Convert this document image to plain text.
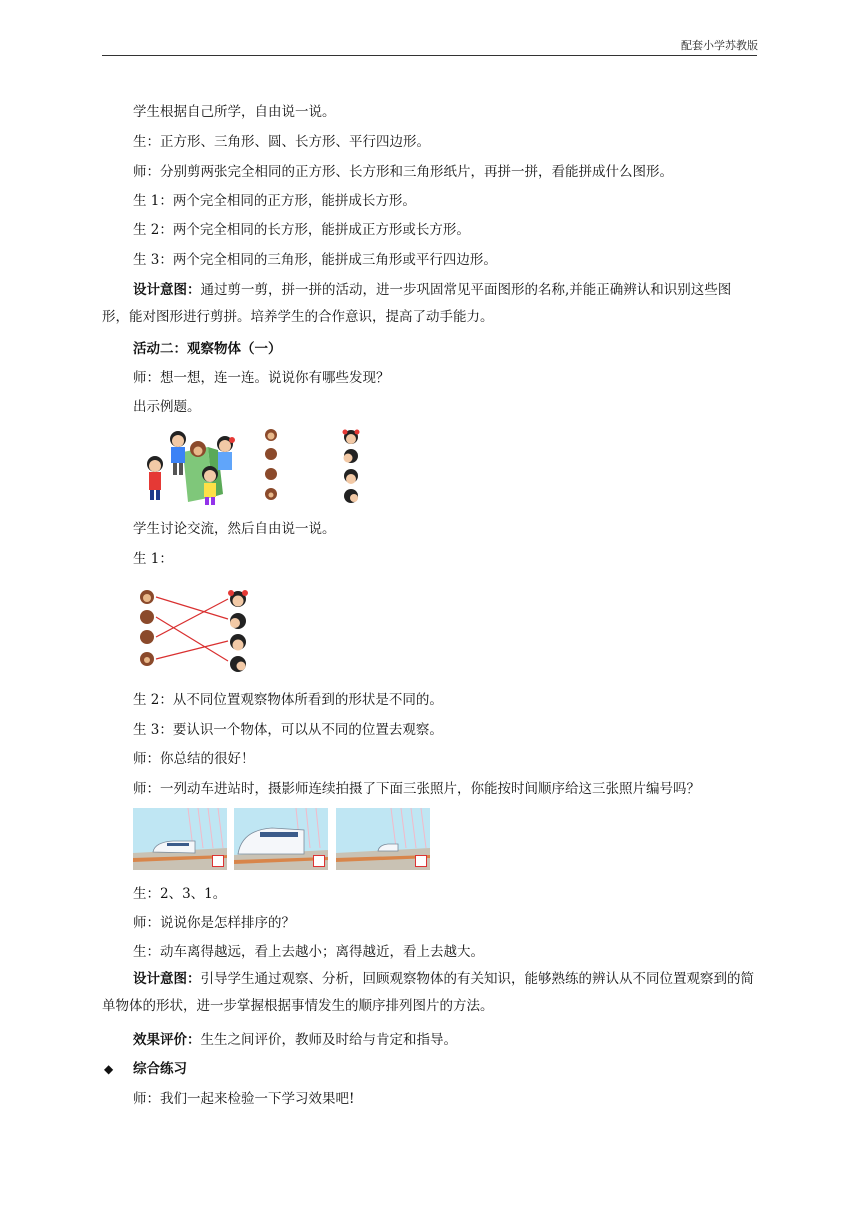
配套小学苏教版
学生根据自己所学，自由说一说。
生：正方形、三角形、圆、长方形、平行四边形。
师：分别剪两张完全相同的正方形、长方形和三角形纸片，再拼一拼，看能拼成什么图形。
生 1：两个完全相同的正方形，能拼成长方形。
生 2：两个完全相同的长方形，能拼成正方形或长方形。
生 3：两个完全相同的三角形，能拼成三角形或平行四边形。
设计意图：通过剪一剪，拼一拼的活动，进一步巩固常见平面图形的名称,并能正确辨认和识别这些图形，能对图形进行剪拼。培养学生的合作意识，提高了动手能力。
活动二：观察物体（一）
师：想一想，连一连。说说你有哪些发现？
出示例题。
学生讨论交流，然后自由说一说。
生 1：
生 2：从不同位置观察物体所看到的形状是不同的。
生 3：要认识一个物体，可以从不同的位置去观察。
师：你总结的很好！
师：一列动车进站时，摄影师连续拍摄了下面三张照片，你能按时间顺序给这三张照片编号吗？
生：2、3、1。
师：说说你是怎样排序的？
生：动车离得越远，看上去越小；离得越近，看上去越大。
设计意图：引导学生通过观察、分析，回顾观察物体的有关知识，能够熟练的辨认从不同位置观察到的简单物体的形状，进一步掌握根据事情发生的顺序排列图片的方法。
效果评价：生生之间评价，教师及时给与肯定和指导。
◆ 综合练习
师：我们一起来检验一下学习效果吧!
